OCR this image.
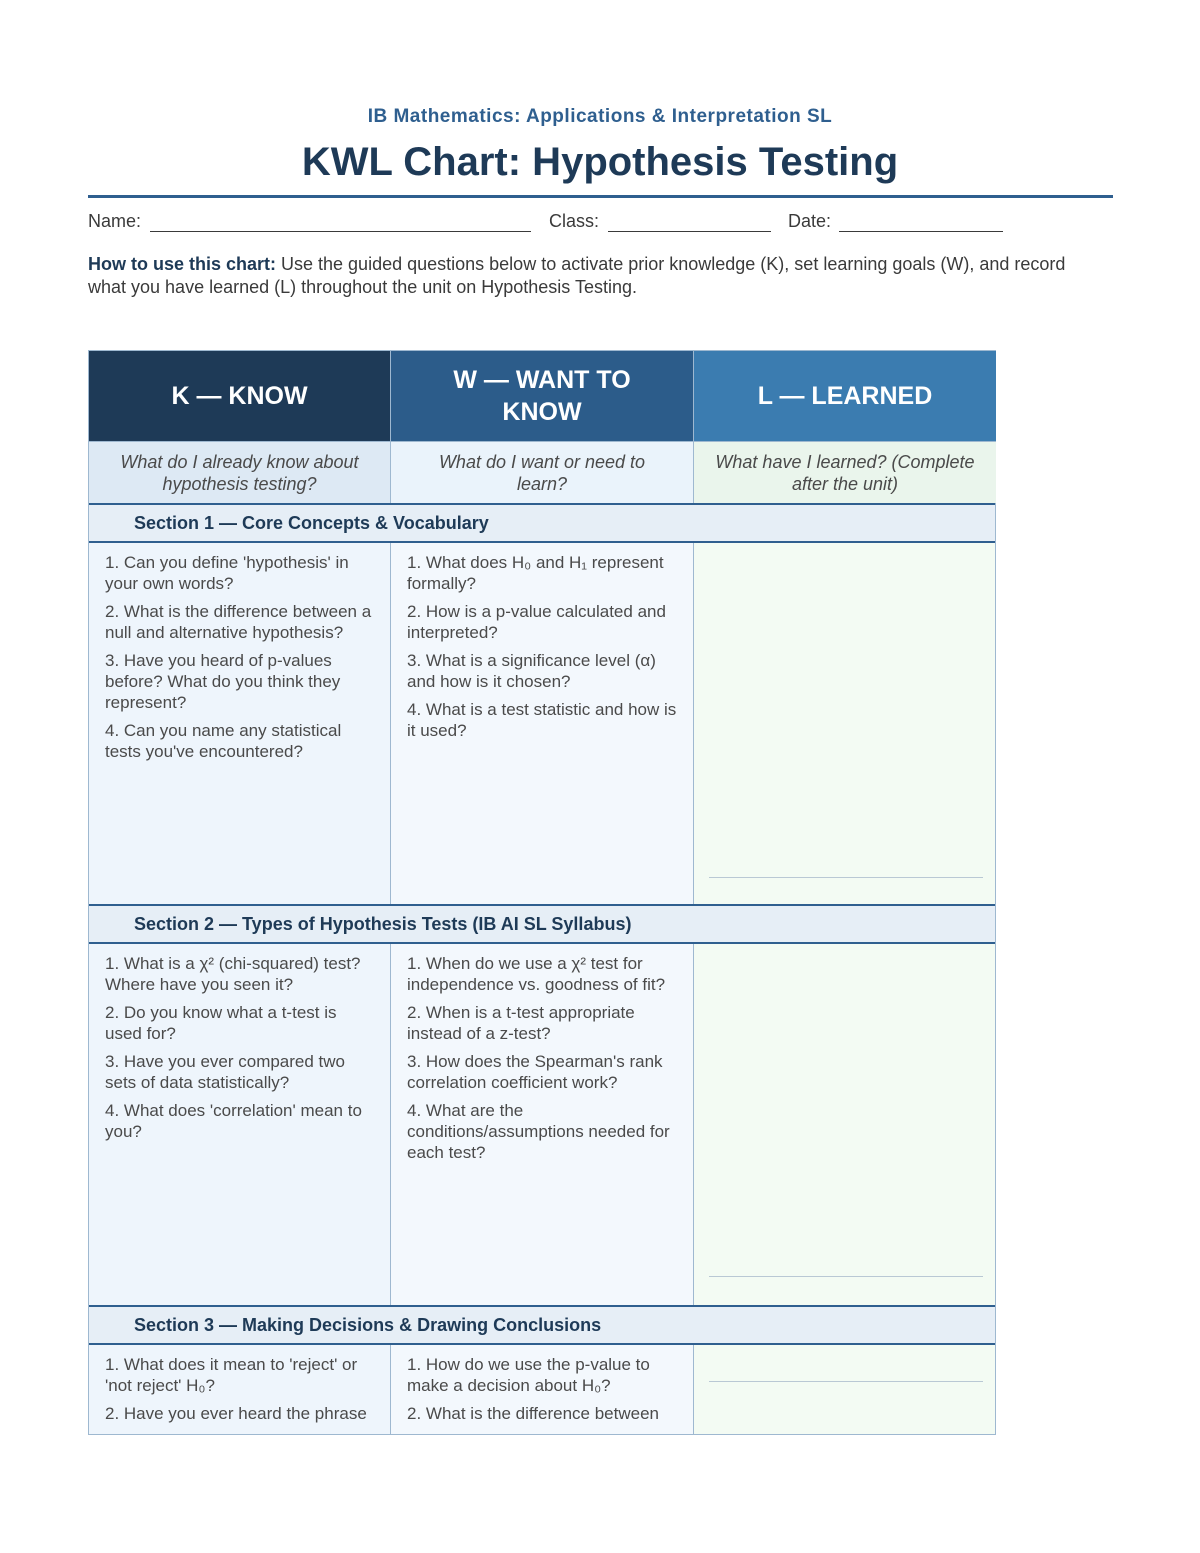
IB Mathematics: Applications & Interpretation SL
KWL Chart: Hypothesis Testing
Name:	Class:	Date:
How to use this chart: Use the guided questions below to activate prior knowledge (K), set learning goals (W), and record what you have learned (L) throughout the unit on Hypothesis Testing.
K — KNOW
W — WANT TO KNOW
L — LEARNED
What do I already know about hypothesis testing?
What do I want or need to learn?
What have I learned? (Complete after the unit)
Section 1 — Core Concepts & Vocabulary

1. Can you define 'hypothesis' in your own words?

2. What is the difference between a null and alternative hypothesis?

3. Have you heard of p-values before? What do you think they represent?

4. Can you name any statistical tests you've encountered?

1. What does H₀ and H₁ represent formally?

2. How is a p-value calculated and interpreted?

3. What is a significance level (α) and how is it chosen?

4. What is a test statistic and how is it used?

Section 2 — Types of Hypothesis Tests (IB AI SL Syllabus)

1. What is a χ² (chi-squared) test? Where have you seen it?

2. Do you know what a t-test is used for?

3. Have you ever compared two sets of data statistically?

4. What does 'correlation' mean to you?

1. When do we use a χ² test for independence vs. goodness of fit?

2. When is a t-test appropriate instead of a z-test?

3. How does the Spearman's rank correlation coefficient work?

4. What are the conditions/assumptions needed for each test?

Section 3 — Making Decisions & Drawing Conclusions

1. What does it mean to 'reject' or 'not reject' H₀?

2. Have you ever heard the phrase

1. How do we use the p-value to make a decision about H₀?

2. What is the difference between
